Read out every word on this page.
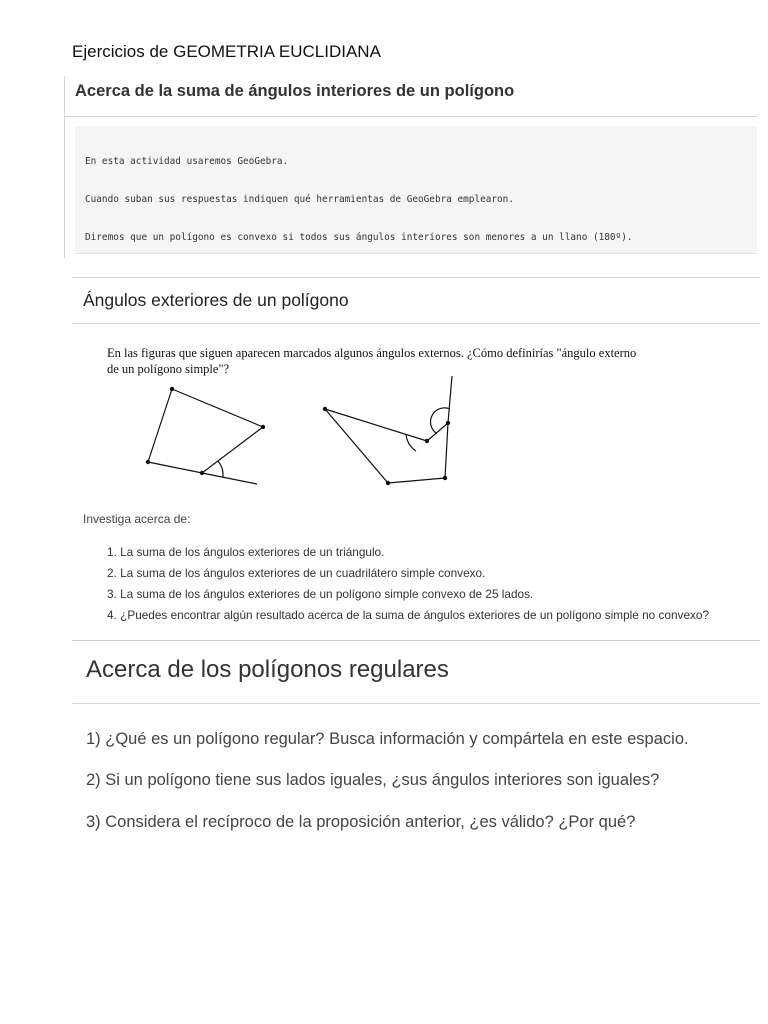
Ejercicios de GEOMETRIA EUCLIDIANA
Acerca de la suma de ángulos interiores de un polígono

En esta actividad usaremos GeoGebra.

Cuando suban sus respuestas indiquen qué herramientas de GeoGebra emplearon.

Diremos que un polígono es convexo si todos sus ángulos interiores son menores a un llano (180º).

Ángulos exteriores de un polígono
En las figuras que siguen aparecen marcados algunos ángulos externos. ¿Cómo definirías "ángulo externo
de un polígono simple"?
Investiga acerca de:
1. La suma de los ángulos exteriores de un triángulo.
2. La suma de los ángulos exteriores de un cuadrilátero simple convexo.
3. La suma de los ángulos exteriores de un polígono simple convexo de 25 lados.
4. ¿Puedes encontrar algún resultado acerca de la suma de ángulos exteriores de un polígono simple no convexo?
Acerca de los polígonos regulares
1) ¿Qué es un polígono regular? Busca información y compártela en este espacio.
2) Si un polígono tiene sus lados iguales, ¿sus ángulos interiores son iguales?
3) Considera el recíproco de la proposición anterior, ¿es válido? ¿Por qué?
